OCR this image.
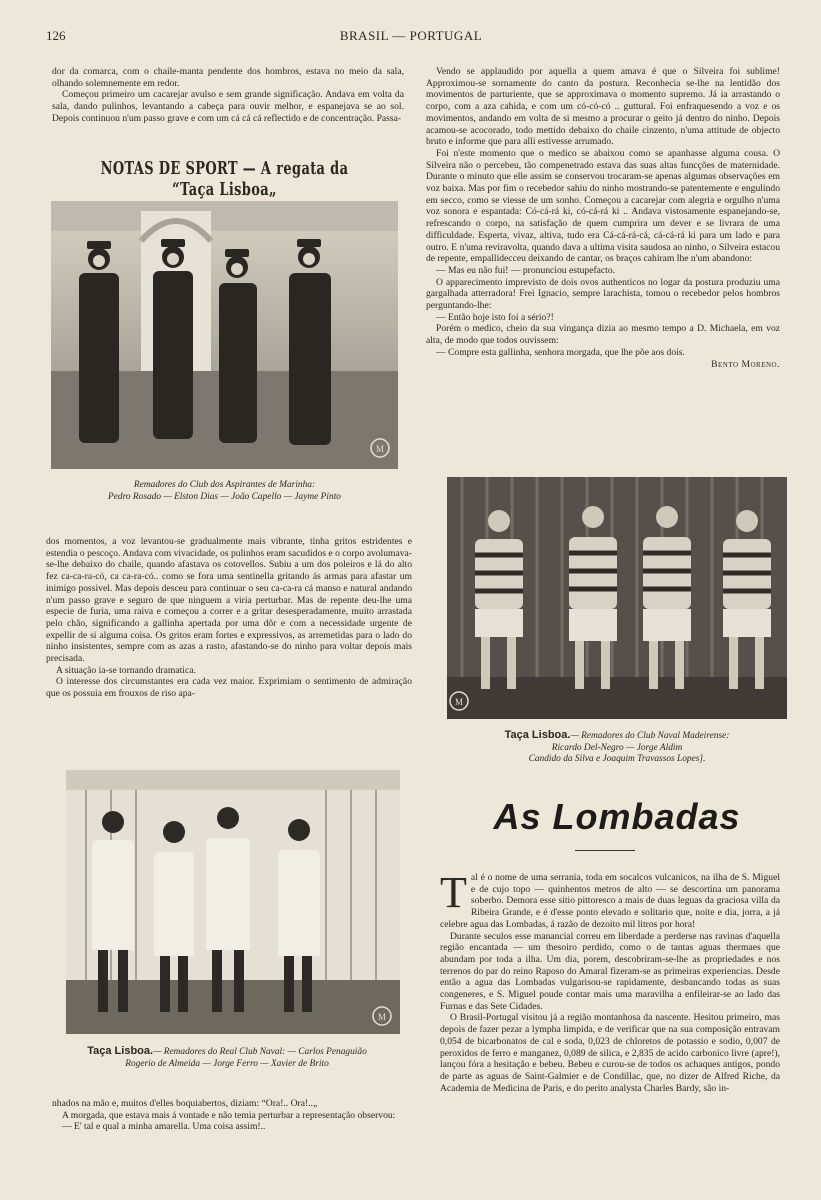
126	BRASIL — PORTUGAL

dor da comarca, com o chaile-manta pendente dos hombros, estava no meio da sala, olhando solemnemente em redor.

Começou primeiro um cacarejar avulso e sem grande significação. Andava em volta da sala, dando pulinhos, levantando a cabeça para ouvir melhor, e espanejava se ao sol. Depois continuou n'um passo grave e com um cá cá cá reflectido e de concentração. Passa-

NOTAS DE SPORT — A regata da “Taça Lisboa„
M
Remadores do Club dos Aspirantes de Marinha:
Pedro Rosado — Elston Dias — João Capello — Jayme Pinto

dos momentos, a voz levantou-se gradualmente mais vibrante, tinha gritos estridentes e estendia o pescoço. Andava com vivacidade, os pulinhos eram sacudidos e o corpo avolumava-se-lhe debaixo do chaile, quando afastava os cotovellos. Subiu a um dos poleiros e lá do alto fez ca-ca-ra-có, ca ca-ra-có.. como se fora uma sentinella gritando ás armas para afastar um inimigo possivel. Mas depois desceu para continuar o seu ca-ca-ra cá manso e natural andando n'um passo grave e seguro de que ninguem a viria perturbar. Mas de repente deu-lhe uma especie de furia, uma raiva e começou a correr e a gritar desesperadamente, muito arrastada pelo chão, significando a gallinha apertada por uma dôr e com a necessidade urgente de expellir de si alguma coisa. Os gritos eram fortes e expressivos, as arremetidas para o lado do ninho insistentes, sempre com as azas a rasto, afastando-se do ninho para voltar depois mais precisada.

A situação ia-se tornando dramatica.

O interesse dos circumstantes era cada vez maior. Exprimiam o sentimento de admiração que os possuia em frouxos de riso apa-

M
Taça Lisboa.— Remadores do Real Club Naval: — Carlos Penaguião
Rogerio de Almeida — Jorge Ferro — Xavier de Brito

nhados na mão e, muitos d'elles boquiabertos, diziam: “Ora!.. Ora!..„

A morgada, que estava mais á vontade e não temia perturbar a representação observou:

— E' tal e qual a minha amarella. Uma coisa assim!..

Vendo se applaudido por aquella a quem amava é que o Silveira foi sublime! Approximou-se sornamente do canto da postura. Reconhecia se-lhe na lentidão dos movimentos de parturiente, que se approximava o momento supremo. Já ia arrastando o corpo, com a aza cahida, e com um có-có-có .. guttural. Foi enfraquesendo a voz e os movimentos, andando em volta de si mesmo a procurar o geito já dentro do ninho. Depois acamou-se acocorado, todo mettido debaixo do chaile cinzento, n'uma attitude de objecto bruto e informe que para alli estivesse arrumado.

Foi n'este momento que o medico se abaixou como se apanhasse alguma cousa. O Silveira não o percebeu, tão compenetrado estava das suas altas funcções de maternidade. Durante o minuto que elle assim se conservou trocaram-se apenas algumas observações em voz baixa. Mas por fim o recebedor sahiu do ninho mostrando-se patentemente e engulindo em secco, como se viesse de um sonho. Começou a cacarejar com alegria e orgulho n'uma voz sonora e espantada: Có-cá-rá ki, có-cá-rá ki .. Andava vistosamente espanejando-se, refrescando o corpo, na satisfação de quem cumprira um dever e se livrara de uma difficuldade. Esperta, vivaz, altiva, tudo era Cá-cá-rá-cá, cá-cá-rá ki para um lado e para outro. E n'uma reviravolta, quando dava a ultima visita saudosa ao ninho, o Silveira estacou de repente, empallidecceu deixando de cantar, os braços cahiram lhe n'um abandono:

— Mas eu não fui! — pronunciou estupefacto.

O apparecimento imprevisto de dois ovos authenticos no logar da postura produziu uma gargalhada atterradora! Frei Ignacio, sempre larachista, tomou o recebedor pelos hombros perguntando-lhe:

— Então hoje isto foi a sério?!

Porém o medico, cheio da sua vingança dizia ao mesmo tempo a D. Michaela, em voz alta, de modo que todos ouvissem:

— Compre esta gallinha, senhora morgada, que lhe põe aos dois.

Bento Moreno.

M
Taça Lisboa.— Remadores do Club Naval Madeirense:
Ricardo Del-Negro — Jorge Aldim
Candido da Silva e Joaquim Travassos Lopes].
As Lombadas

Tal é o nome de uma serrania, toda em socalcos vulcanicos, na ilha de S. Miguel e de cujo topo — quinhentos metros de alto — se descortina um panorama soberbo. Demora esse sitio pittoresco a mais de duas leguas da graciosa villa da Ribeira Grande, e é d'esse ponto elevado e solitario que, noite e dia, jorra, a já celebre agua das Lombadas, á razão de dezoito mil litros por hora!

Durante seculos esse manancial correu em liberdade a perderse nas ravinas d'aquella região encantada — um thesoiro perdido, como o de tantas aguas thermaes que abundam por toda a ilha. Um dia, porem, descobriram-se-lhe as propriedades e nos terrenos do par do reino Raposo do Amaral fizeram-se as primeiras experiencias. Desde então a agua das Lombadas vulgarisou-se rapidamente, desbancando todas as suas congeneres, e S. Miguel poude contar mais uma maravilha a enfileirar-se ao lado das Furnas e das Sete Cidades.

O Brasil-Portugal visitou já a região montanhosa da nascente. Hesitou primeiro, mas depois de fazer pezar a lympha limpida, e de verificar que na sua composição entravam 0,054 de bicarbonatos de cal e soda, 0,023 de chloretos de potassio e sodio, 0,007 de peroxidos de ferro e manganez, 0,089 de silica, e 2,835 de acido carbonico livre (apre!), lançou fóra a hesitação e bebeu. Bebeu e curou-se de todos os achaques antigos, pondo de parte as aguas de Saint-Galmier e de Condillac, que, no dizer de Alfred Riche, da Academia de Medicina de Paris, e do perito analysta Charles Bardy, são in-
